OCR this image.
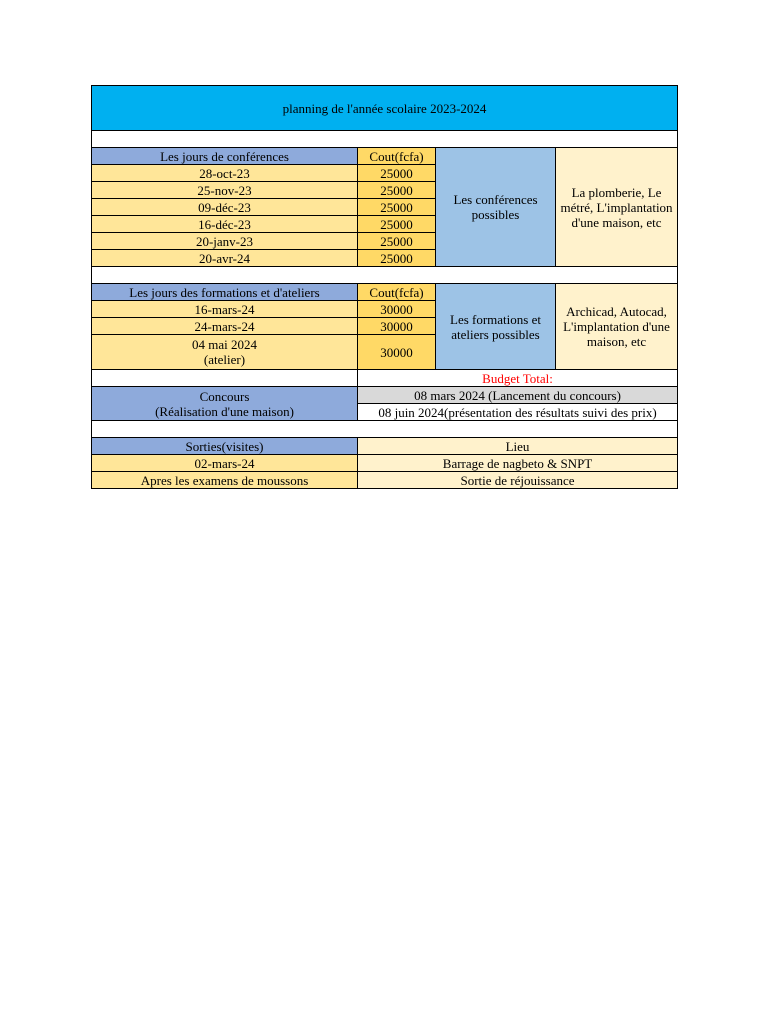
planning de l'année scolaire 2023-2024			

Les jours de conférences	Cout(fcfa)	Les conférences possibles	La plomberie, Le métré, L'implantation d'une maison, etc
28-oct-23	25000		
25-nov-23	25000		
09-déc-23	25000		
16-déc-23	25000		
20-janv-23	25000		
20-avr-24	25000		

Les jours des formations et d'ateliers	Cout(fcfa)	Les formations et ateliers possibles	Archicad, Autocad, L'implantation d'une maison, etc
16-mars-24	30000		
24-mars-24	30000		

04 mai 2024
(atelier)	30000		
	Budget Total:		

Concours
(Réalisation d'une maison)	08 mars 2024 (Lancement du concours)		
	08 juin 2024(présentation des résultats suivi des prix)		

Sorties(visites)	Lieu		
02-mars-24	Barrage de nagbeto & SNPT		
Apres les examens de moussons	Sortie de réjouissance		
